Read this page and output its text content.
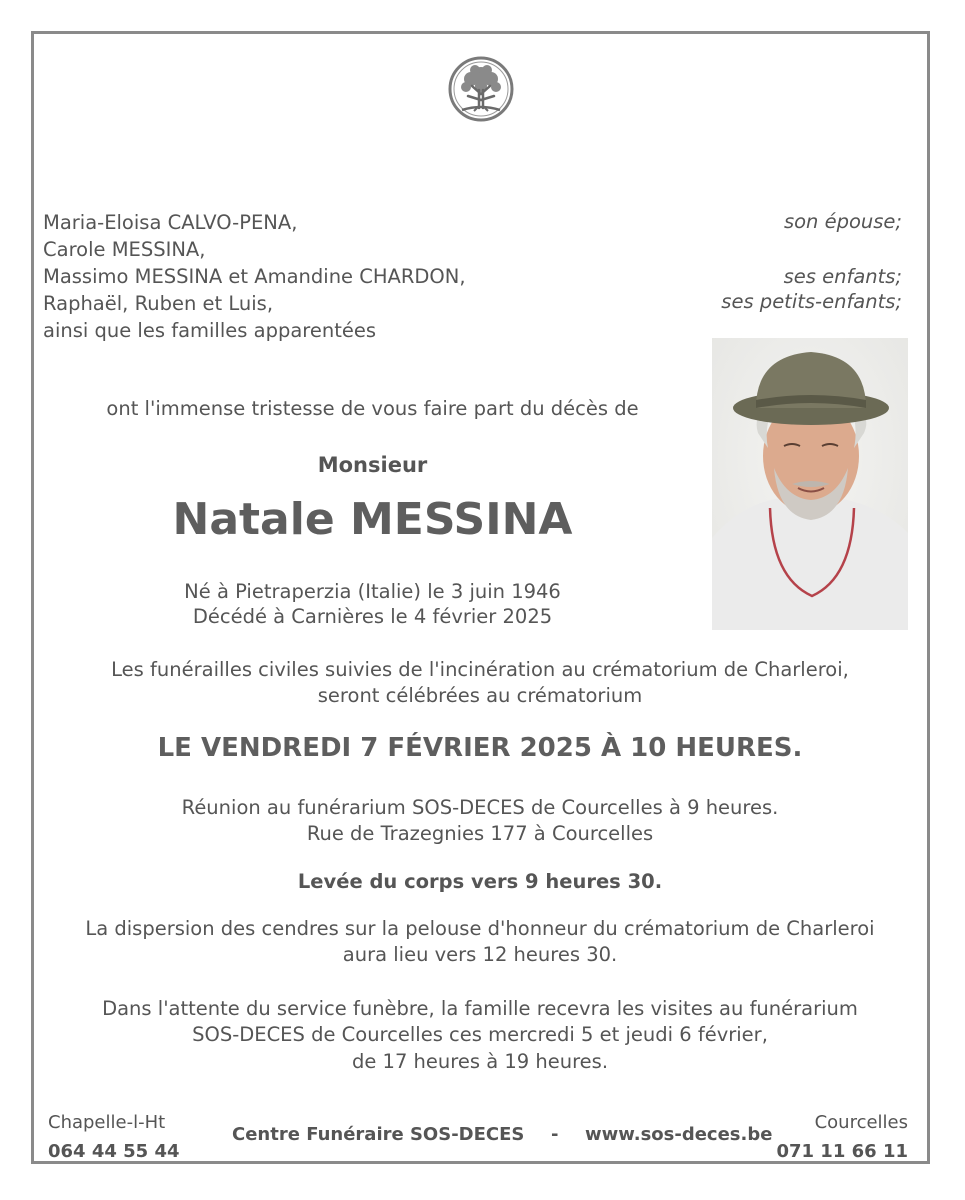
Maria-Eloisa CALVO-PENA,
Carole MESSINA,
Massimo MESSINA et Amandine CHARDON,
Raphaël, Ruben et Luis,
ainsi que les familles apparentées
son épouse;
ses enfants;
ses petits-enfants;
ont l'immense tristesse de vous faire part du décès de
Monsieur
Natale MESSINA
Né à Pietraperzia (Italie) le 3 juin 1946
Décédé à Carnières le 4 février 2025
Les funérailles civiles suivies de l'incinération au crématorium de Charleroi,
seront célébrées au crématorium
LE VENDREDI 7 FÉVRIER 2025 À 10 HEURES.
Réunion au funérarium SOS-DECES de Courcelles à 9 heures.
Rue de Trazegnies 177 à Courcelles
Levée du corps vers 9 heures 30.
La dispersion des cendres sur la pelouse d'honneur du crématorium de Charleroi
aura lieu vers 12 heures 30.
Dans l'attente du service funèbre, la famille recevra les visites au funérarium
SOS-DECES de Courcelles ces mercredi 5 et jeudi 6 février,
de 17 heures à 19 heures.
Chapelle-l-Ht
064 44 55 44
Centre Funéraire SOS-DECES - www.sos-deces.be
Courcelles
071 11 66 11
